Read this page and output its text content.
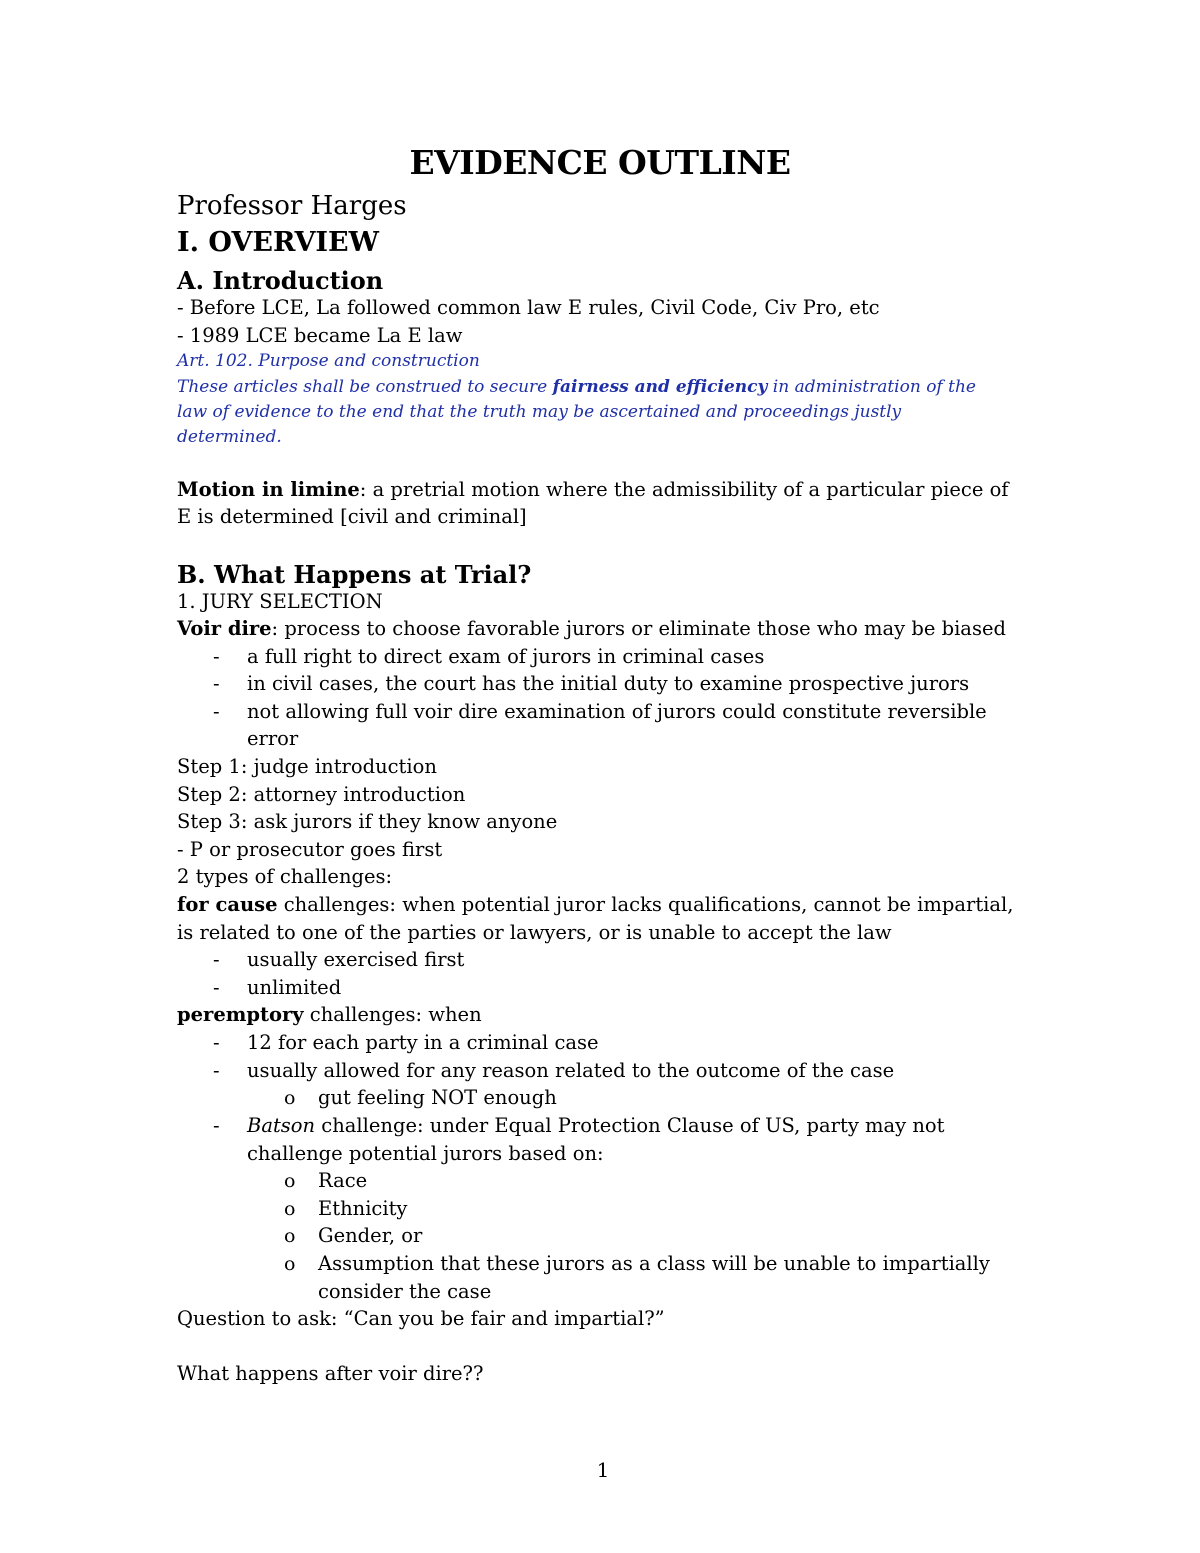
EVIDENCE OUTLINE
Professor Harges
I. OVERVIEW
A. Introduction
- Before LCE, La followed common law E rules, Civil Code, Civ Pro, etc
- 1989 LCE became La E law
Art. 102. Purpose and construction
These articles shall be construed to secure fairness and efficiency in administration of the
law of evidence to the end that the truth may be ascertained and proceedings justly
determined.
Motion in limine: a pretrial motion where the admissibility of a particular piece of
E is determined [civil and criminal]
B. What Happens at Trial?
1. JURY SELECTION
Voir dire: process to choose favorable jurors or eliminate those who may be biased
- a full right to direct exam of jurors in criminal cases
- in civil cases, the court has the initial duty to examine prospective jurors
- not allowing full voir dire examination of jurors could constitute reversible
error
Step 1: judge introduction
Step 2: attorney introduction
Step 3: ask jurors if they know anyone
- P or prosecutor goes first
2 types of challenges:
for cause challenges: when potential juror lacks qualifications, cannot be impartial,
is related to one of the parties or lawyers, or is unable to accept the law
- usually exercised first
- unlimited
peremptory challenges: when
- 12 for each party in a criminal case
- usually allowed for any reason related to the outcome of the case
o gut feeling NOT enough
- Batson challenge: under Equal Protection Clause of US, party may not
challenge potential jurors based on:
o Race
o Ethnicity
o Gender, or
o Assumption that these jurors as a class will be unable to impartially
consider the case
Question to ask: “Can you be fair and impartial?”
What happens after voir dire??
1
